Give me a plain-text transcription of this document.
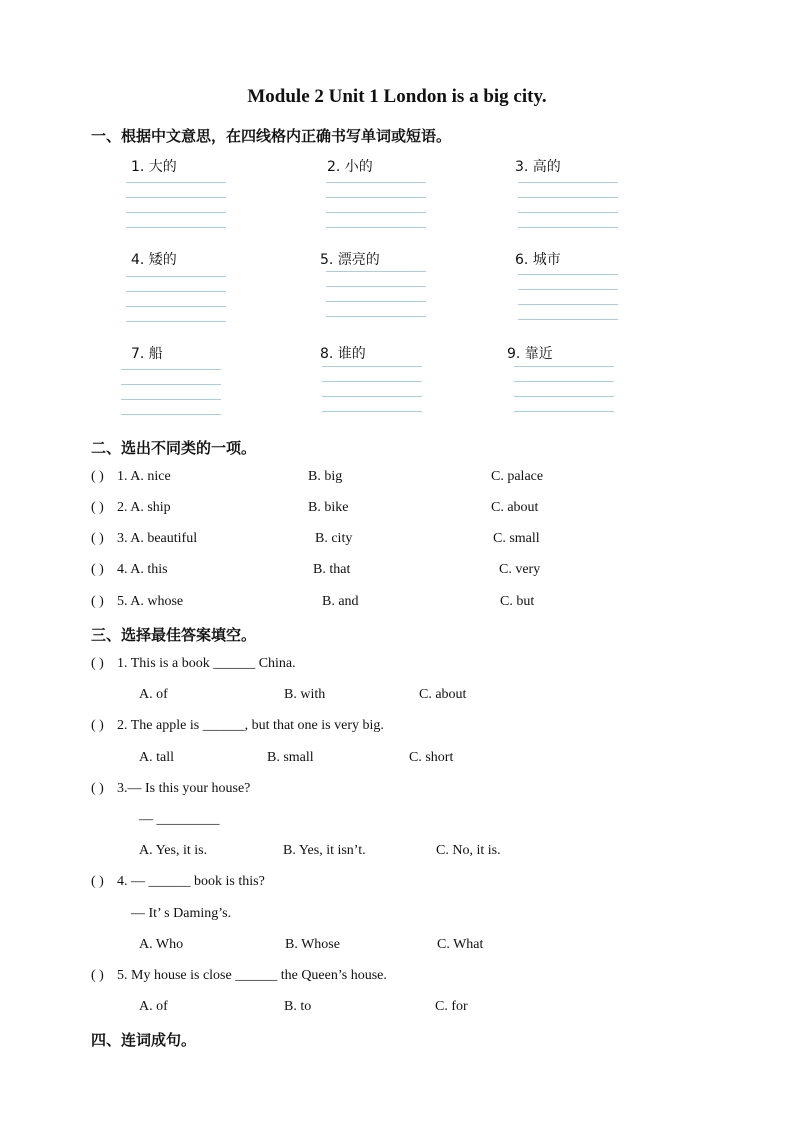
Module 2 Unit 1 London is a big city.
一、根据中文意思，在四线格内正确书写单词或短语。
1. 大的	2. 小的	3. 高的
4. 矮的	5. 漂亮的	6. 城市
7. 船	8. 谁的	9. 靠近
二、选出不同类的一项。
( ) 1. A. nice	B. big	C. palace
( ) 2. A. ship	B. bike	C. about
( ) 3. A. beautiful	B. city	C. small
( ) 4. A. this	B. that	C. very
( ) 5. A. whose	B. and	C. but
三、选择最佳答案填空。
( ) 1. This is a book ______ China.
A. of	B. with	C. about
( ) 2. The apple is ______, but that one is very big.
A. tall	B. small	C. short
( ) 3.— Is this your house?
— _________
A. Yes, it is.	B. Yes, it isn’t.	C. No, it is.
( ) 4. — ______ book is this?
— It’ s Daming’s.
A. Who	B. Whose	C. What
( ) 5. My house is close ______ the Queen’s house.
A. of	B. to	C. for
四、连词成句。
